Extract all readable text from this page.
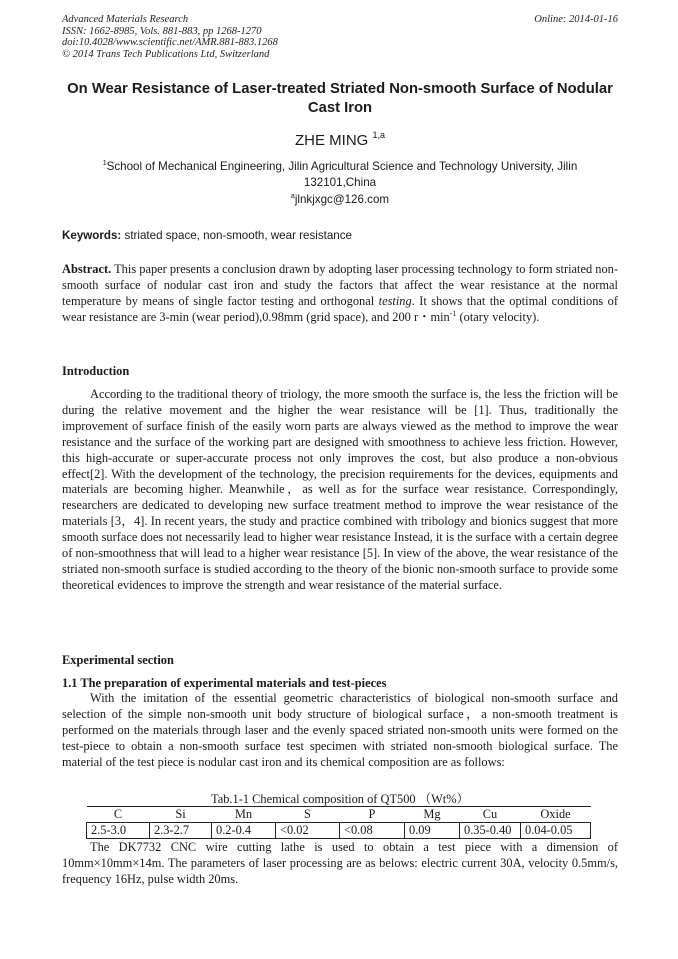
Advanced Materials Research
ISSN: 1662-8985, Vols. 881-883, pp 1268-1270
doi:10.4028/www.scientific.net/AMR.881-883.1268
© 2014 Trans Tech Publications Ltd, Switzerland
Online: 2014-01-16
On Wear Resistance of Laser-treated Striated Non-smooth Surface of Nodular Cast Iron
ZHE MING $^{1,a}$
$^1$School of Mechanical Engineering, Jilin Agricultural Science and Technology University, Jilin 132101,China
$^a$jlnkjxgc@126.com
Keywords: striated space, non-smooth, wear resistance
Abstract. This paper presents a conclusion drawn by adopting laser processing technology to form striated non-smooth surface of nodular cast iron and study the factors that affect the wear resistance at the normal temperature by means of single factor testing and orthogonal testing. It shows that the optimal conditions of wear resistance are 3-min (wear period),0.98mm (grid space), and 200 r・$\min^{-1}$ (otary velocity).
Introduction
According to the traditional theory of triology, the more smooth the surface is, the less the friction will be during the relative movement and the higher the wear resistance will be [1]. Thus, traditionally the improvement of surface finish of the easily worn parts are always viewed as the method to improve the wear resistance and the surface of the working part are designed with smoothness to achieve less friction. However, this high-accurate or super-accurate process not only improves the cost, but also produce a non-obvious effect[2]. With the development of the technology, the precision requirements for the devices, equipments and materials are becoming higher. Meanwhile，as well as for the surface wear resistance. Correspondingly, researchers are dedicated to developing new surface treatment method to improve the wear resistance of the materials [3，4]. In recent years, the study and practice combined with tribology and bionics suggest that more smooth surface does not necessarily lead to higher wear resistance Instead, it is the surface with a certain degree of non-smoothness that will lead to a higher wear resistance [5]. In view of the above, the wear resistance of the striated non-smooth surface is studied according to the theory of the bionic non-smooth surface to provide some theoretical evidences to improve the strength and wear resistance of the material surface.
Experimental section
1.1 The preparation of experimental materials and test-pieces
With the imitation of the essential geometric characteristics of biological non-smooth surface and selection of the simple non-smooth unit body structure of biological surface，a non-smooth treatment is performed on the materials through laser and the evenly spaced striated non-smooth units were formed on the test-piece to obtain a non-smooth surface test specimen with striated non-smooth biological surface. The material of the test piece is nodular cast iron and its chemical composition are as follows:
Tab.1-1 Chemical composition of QT500 （Wt%）
C	Si	Mn	S	P	Mg	Cu	Oxide
2.5-3.0	2.3-2.7	0.2-0.4	<0.02	<0.08	0.09	0.35-0.40	0.04-0.05
The DK7732 CNC wire cutting lathe is used to obtain a test piece with a dimension of 10mm×10mm×14m. The parameters of laser processing are as belows: electric current 30A, velocity 0.5mm/s, frequency 16Hz, pulse width 20ms.
